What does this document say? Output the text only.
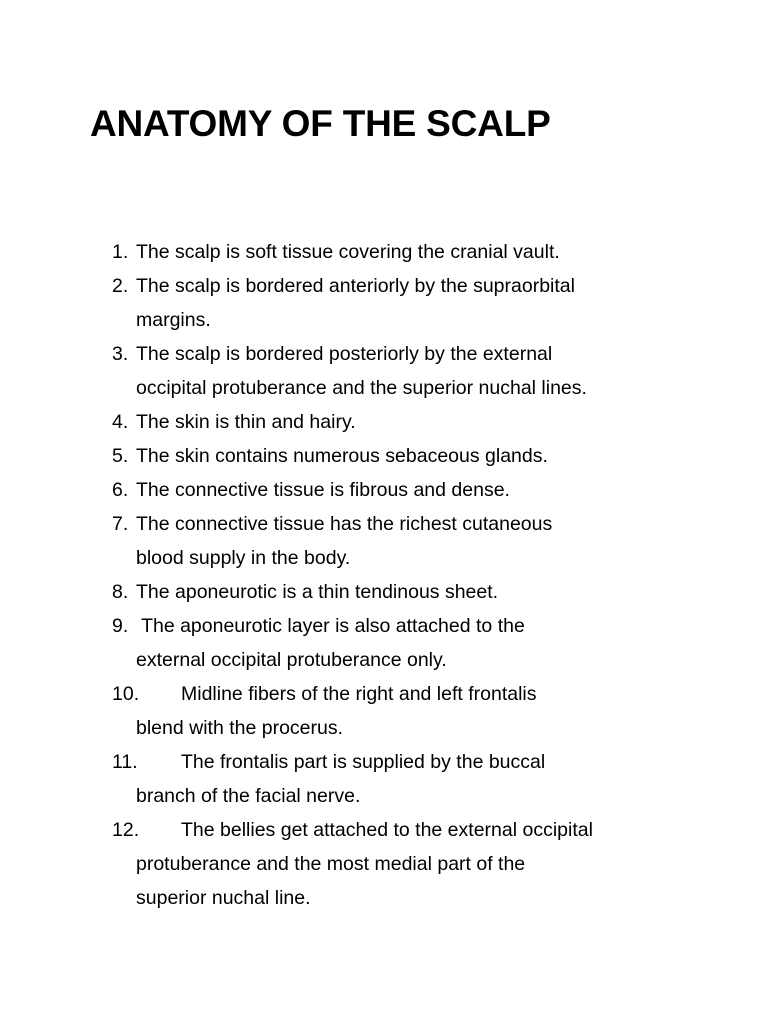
ANATOMY OF THE SCALP
1. The scalp is soft tissue covering the cranial vault.
2. The scalp is bordered anteriorly by the supraorbital
margins.
3. The scalp is bordered posteriorly by the external
occipital protuberance and the superior nuchal lines.
4. The skin is thin and hairy.
5. The skin contains numerous sebaceous glands.
6. The connective tissue is fibrous and dense.
7. The connective tissue has the richest cutaneous
blood supply in the body.
8. The aponeurotic is a thin tendinous sheet.
9. The aponeurotic layer is also attached to the
external occipital protuberance only.
10. Midline fibers of the right and left frontalis
blend with the procerus.
11. The frontalis part is supplied by the buccal
branch of the facial nerve.
12. The bellies get attached to the external occipital
protuberance and the most medial part of the
superior nuchal line.
